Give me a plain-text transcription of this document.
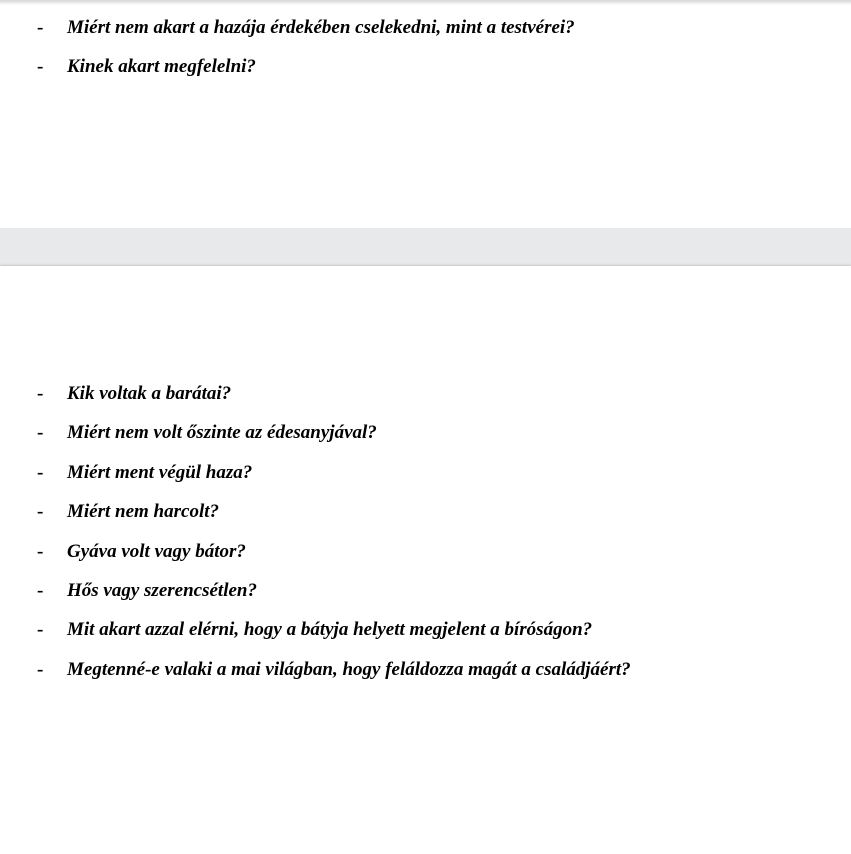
- Miért nem akart a hazája érdekében cselekedni, mint a testvérei?
- Kinek akart megfelelni?
- Kik voltak a barátai?
- Miért nem volt őszinte az édesanyjával?
- Miért ment végül haza?
- Miért nem harcolt?
- Gyáva volt vagy bátor?
- Hős vagy szerencsétlen?
- Mit akart azzal elérni, hogy a bátyja helyett megjelent a bíróságon?
- Megtenné-e valaki a mai világban, hogy feláldozza magát a családjáért?
